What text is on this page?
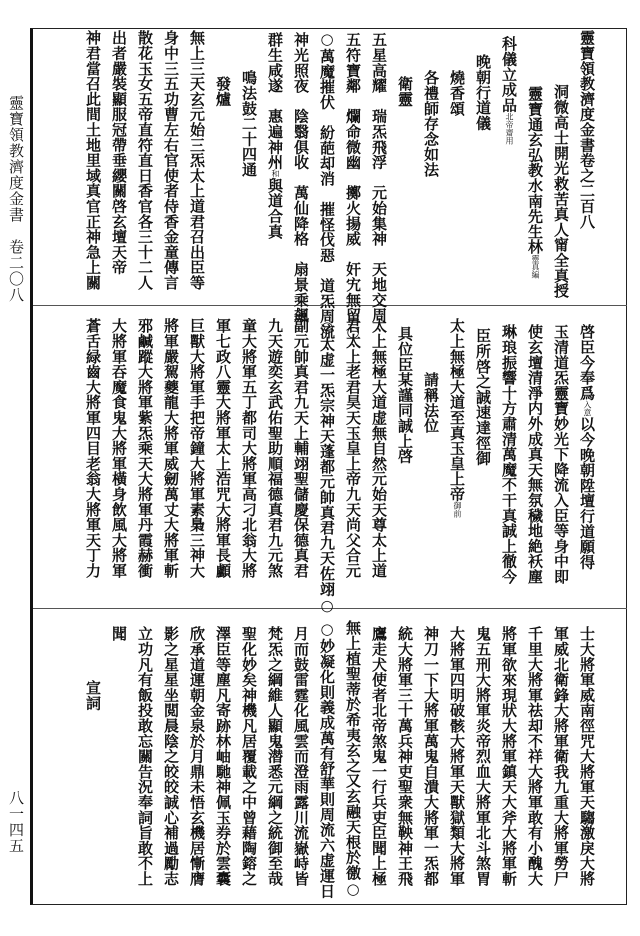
靈寶領教濟度金書　卷二〇八
八一四五
靈寶領教濟度金書卷之二百八
洞微高士開光救苦真人甯全真授
靈寶通玄弘教水南先生林靈真編
科儀立成品北帝齋用
晚朝行道儀
燒香頌
各禮師存念如法
衛靈
五星高耀　瑞炁飛浮　元始集神　天地交周
五符寶鄰　爛命微幽　擲火揚威　奸宄無留○
○萬魔摧伏　紛葩却消　摧怪伐惡　道炁周流
神光照夜　陰翳俱收　萬仙降格　扇景乘飆
群生咸遂　惠遍神州和與道合真
鳴法鼓二十四通
發爐
無上三天玄元始三炁太上道君召出臣等
身中三五功曹左右官使者侍香金童傳言
散花玉女五帝直符直日香官各三十二人
出者嚴裝顯服冠帶垂纓關啓玄壇天帝
神君當召此間土地里域真官正神急上關
啓臣今奉爲入意以今晚朝陞壇行道願得
玉清道炁靈寶妙光下降流入臣等身中即
使玄壇清淨内外成真天無氛穢地絶袄塵
琳琅振響十方肅清萬魔不干真誠上徹今
臣所啓之誠速達徑御
太上無極大道至真玉皇上帝御前
請稱法位
具位臣某謹同誠上啓
太上無極大道虚無自然元始天尊太上道
君太上老君昊天玉皇上帝九天尚父合元
○太虚一炁宗神天蓬都元帥真君九天佐翊○
副元帥真君九天上輔翊聖儲慶保德真君
九天遊奕玄武佑聖助順福德真君九元煞
童大將軍五丁都司大將軍高刁北翁大將
軍七政八靈大將軍太上浩咒大將軍長顱
巨獸大將軍手把帝鐘大將軍素梟三神大
將軍嚴駕夔龍大將軍威劒萬丈大將軍斬
邪鹹蹤大將軍紫炁乘天大將軍丹霞赫衝
大將軍吞魔食鬼大將軍橫身飲風大將軍
蒼舌緑齒大將軍四目老翁大將軍天丁力
士大將軍威南徑咒大將軍天騶激戾大將
軍威北衛鋒大將軍衛我九重大將軍勞尸
千里大將軍祛却不祥大將軍敢有小醜大
將軍欲來現狀大將軍鎮天大斧大將軍斬
鬼五刑大將軍炎帝烈血大將軍北斗煞胃
大將軍四明破骸大將軍天獸獄類大將軍
神刀一下大將軍萬鬼自潰大將軍一炁都
統大將軍三十萬兵神吏聖衆無鞅神王飛
鷹走犬使者北帝煞鬼一行兵吏臣聞上極
無上植聖蒂於希夷玄之又玄融天根於徼○
○妙凝化則義成萬有舒華則周流六虚運日
月而鼓雷霆化風雲而澄雨露川流嶽峙皆
梵炁之綱維人顯鬼潜悉元綱之統御至哉
聖化妙矣神機凡居覆載之中曾藉陶鎔之
澤臣等塵凡寄跡林岫馳神佩玉券於雲囊
欣承道運朝金泉於月鼎未悟玄機居慚膺
影之星星坐閲晨陰之皎皎誠心補過勵志
立功凡有飯投敢忘關告況奉詞旨敢不上
聞
宣詞
